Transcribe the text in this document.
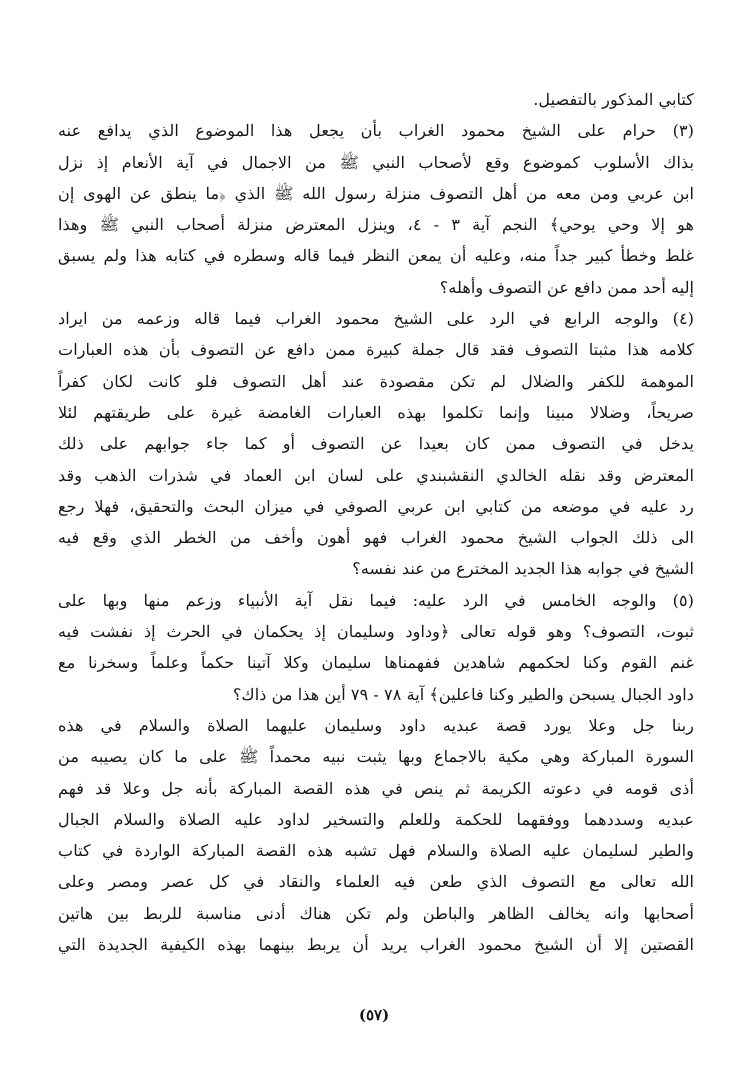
كتابي المذكور بالتفصيل.
(٣) حرام على الشيخ محمود الغراب بأن يجعل هذا الموضوع الذي يدافع عنه
بذاك الأسلوب كموضوع وقع لأصحاب النبي ﷺ من الاجمال في آية الأنعام إذ نزل
ابن عربي ومن معه من أهل التصوف منزلة رسول الله ﷺ الذي ﴿ما ينطق عن الهوى إن
هو إلا وحي يوحي﴾ النجم آية ٣ - ٤، وينزل المعترض منزلة أصحاب النبي ﷺ وهذا
غلط وخطأ كبير جداً منه، وعليه أن يمعن النظر فيما قاله وسطره في كتابه هذا ولم يسبق
إليه أحد ممن دافع عن التصوف وأهله؟
(٤) والوجه الرابع في الرد على الشيخ محمود الغراب فيما قاله وزعمه من ايراد
كلامه هذا مثبتا التصوف فقد قال جملة كبيرة ممن دافع عن التصوف بأن هذه العبارات
الموهمة للكفر والضلال لم تكن مقصودة عند أهل التصوف فلو كانت لكان كفراً
صريحاً، وضلالا مبينا وإنما تكلموا بهذه العبارات الغامضة غيرة على طريقتهم لئلا
يدخل في التصوف ممن كان بعيدا عن التصوف أو كما جاء جوابهم على ذلك
المعترض وقد نقله الخالدي النقشبندي على لسان ابن العماد في شذرات الذهب وقد
رد عليه في موضعه من كتابي ابن عربي الصوفي في ميزان البحث والتحقيق، فهلا رجع
الى ذلك الجواب الشيخ محمود الغراب فهو أهون وأخف من الخطر الذي وقع فيه
الشيخ في جوابه هذا الجديد المخترع من عند نفسه؟
(٥) والوجه الخامس في الرد عليه: فيما نقل آية الأنبياء وزعم منها وبها على
ثبوت، التصوف؟ وهو قوله تعالى ﴿وداود وسليمان إذ يحكمان في الحرث إذ نفشت فيه
غنم القوم وكنا لحكمهم شاهدين ففهمناها سليمان وكلا آتينا حكماً وعلماً وسخرنا مع
داود الجبال يسبحن والطير وكنا فاعلين﴾ آية ٧٨ - ٧٩ أين هذا من ذاك؟
ربنا جل وعلا يورد قصة عبديه داود وسليمان عليهما الصلاة والسلام في هذه
السورة المباركة وهي مكية بالاجماع وبها يثبت نبيه محمداً ﷺ على ما كان يصيبه من
أذى قومه في دعوته الكريمة ثم ينص في هذه القصة المباركة بأنه جل وعلا قد فهم
عبديه وسددهما ووفقهما للحكمة وللعلم والتسخير لداود عليه الصلاة والسلام الجبال
والطير لسليمان عليه الصلاة والسلام فهل تشبه هذه القصة المباركة الواردة في كتاب
الله تعالى مع التصوف الذي طعن فيه العلماء والنقاد في كل عصر ومصر وعلى
أصحابها وانه يخالف الظاهر والباطن ولم تكن هناك أدنى مناسبة للربط بين هاتين
القصتين إلا أن الشيخ محمود الغراب يريد أن يربط بينهما بهذه الكيفية الجديدة التي
(٥٧)
